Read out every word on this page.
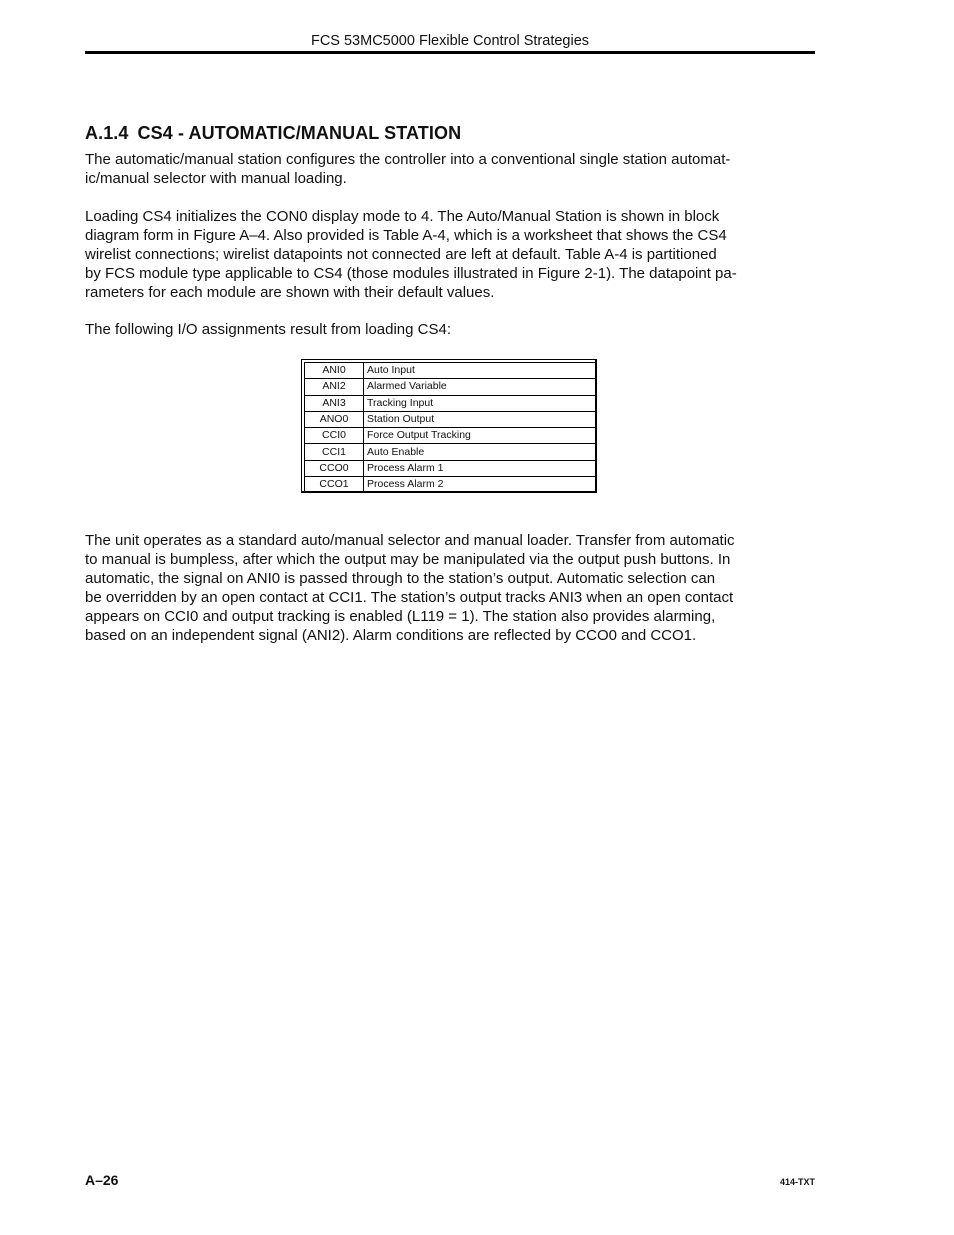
FCS 53MC5000 Flexible Control Strategies
A.1.4 CS4 - AUTOMATIC/MANUAL STATION

The automatic/manual station configures the controller into a conventional single station automat-
ic/manual selector with manual loading.

Loading CS4 initializes the CON0 display mode to 4. The Auto/Manual Station is shown in block
diagram form in Figure A–4. Also provided is Table A-4, which is a worksheet that shows the CS4
wirelist connections; wirelist datapoints not connected are left at default. Table A-4 is partitioned
by FCS module type applicable to CS4 (those modules illustrated in Figure 2-1). The datapoint pa-
rameters for each module are shown with their default values.

The following I/O assignments result from loading CS4:

ANI0	Auto Input
ANI2	Alarmed Variable
ANI3	Tracking Input
ANO0	Station Output
CCI0	Force Output Tracking
CCI1	Auto Enable
CCO0	Process Alarm 1
CCO1	Process Alarm 2

The unit operates as a standard auto/manual selector and manual loader. Transfer from automatic
to manual is bumpless, after which the output may be manipulated via the output push buttons. In
automatic, the signal on ANI0 is passed through to the station’s output. Automatic selection can
be overridden by an open contact at CCI1. The station’s output tracks ANI3 when an open contact
appears on CCI0 and output tracking is enabled (L119 = 1). The station also provides alarming,
based on an independent signal (ANI2). Alarm conditions are reflected by CCO0 and CCO1.

A–26	414-TXT
